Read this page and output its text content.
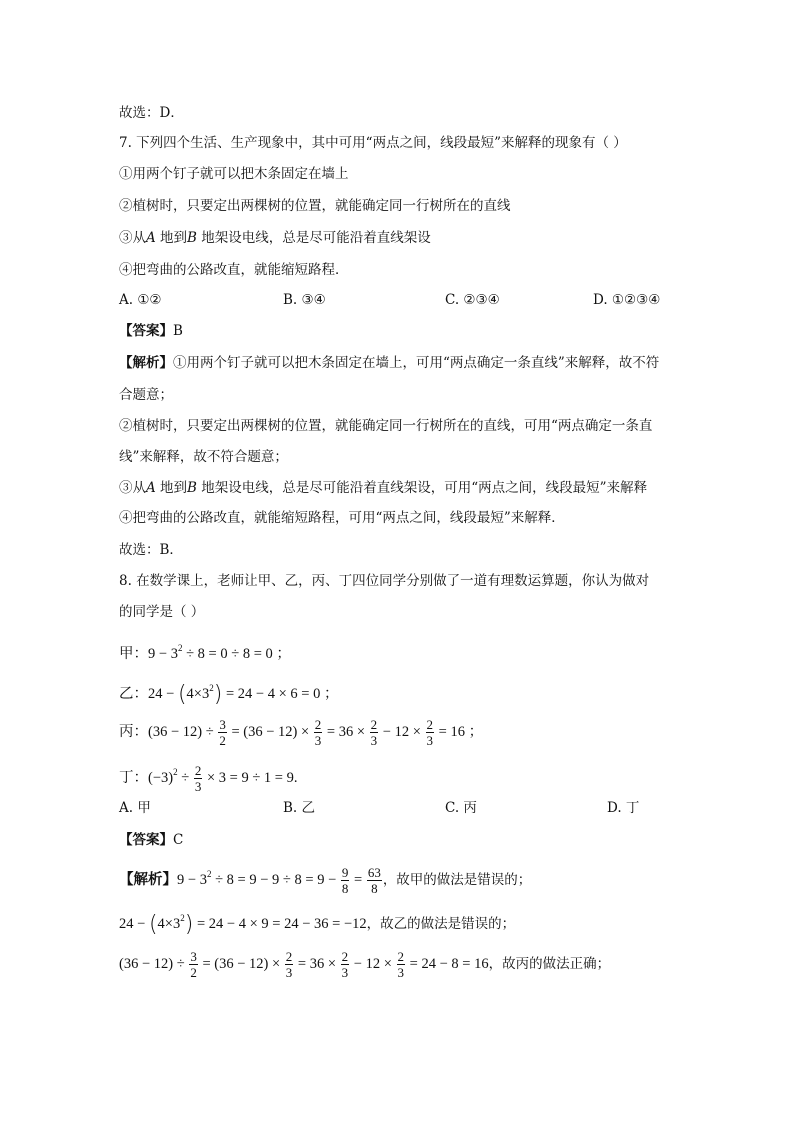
故选：D．
7. 下列四个生活、生产现象中，其中可用“两点之间，线段最短”来解释的现象有（ ）
①用两个钉子就可以把木条固定在墙上
②植树时，只要定出两棵树的位置，就能确定同一行树所在的直线
③从A 地到B 地架设电线，总是尽可能沿着直线架设
④把弯曲的公路改直，就能缩短路程．
A. ①②	B. ③④	C. ②③④	D. ①②③④
【答案】B
【解析】①用两个钉子就可以把木条固定在墙上，可用“两点确定一条直线”来解释，故不符
合题意；
②植树时，只要定出两棵树的位置，就能确定同一行树所在的直线，可用“两点确定一条直
线”来解释，故不符合题意；
③从A 地到B 地架设电线，总是尽可能沿着直线架设，可用“两点之间，线段最短”来解释
④把弯曲的公路改直，就能缩短路程，可用“两点之间，线段最短”来解释．
故选：B．
8. 在数学课上，老师让甲、乙，丙、丁四位同学分别做了一道有理数运算题，你认为做对
的同学是（ ）
甲：$9 - 3^2 \div 8 = 0 \div 8 = 0$ ；
乙：$24 - (4\times 3^2) = 24 - 4 \times 6 = 0$ ；
丙：$(36 - 12) \div \frac{3}{2} = (36 - 12) \times \frac{2}{3} = 36 \times \frac{2}{3} - 12 \times \frac{2}{3} = 16$ ；
丁：$(-3)^2 \div \frac{2}{3} \times 3 = 9 \div 1 = 9$.
A. 甲	B. 乙	C. 丙	D. 丁
【答案】C
【解析】$9 - 3^2 \div 8 = 9 - 9 \div 8 = 9 - \frac{9}{8} = \frac{63}{8}$ ，故甲的做法是错误的；
$24 - (4\times 3^2) = 24 - 4 \times 9 = 24 - 36 = -12$，故乙的做法是错误的；
$(36 - 12) \div \frac{3}{2} = (36 - 12) \times \frac{2}{3} = 36 \times \frac{2}{3} - 12 \times \frac{2}{3} = 24 - 8 = 16$，故丙的做法正确；
